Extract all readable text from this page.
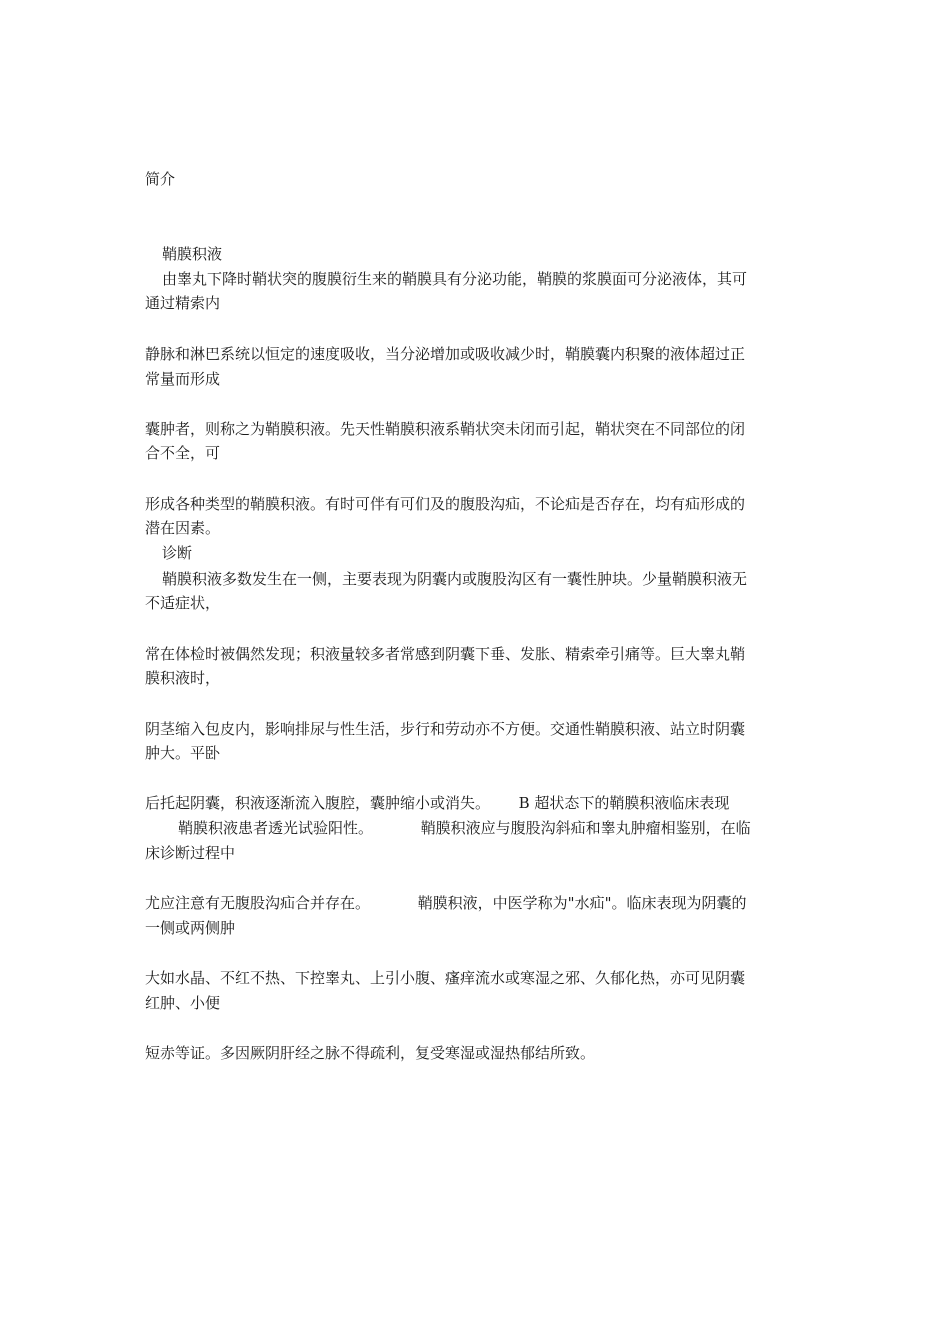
简介

鞘膜积液

由睾丸下降时鞘状突的腹膜衍生来的鞘膜具有分泌功能，鞘膜的浆膜面可分泌液体，其可

通过精索内

静脉和淋巴系统以恒定的速度吸收，当分泌增加或吸收减少时，鞘膜囊内积聚的液体超过正

常量而形成

囊肿者，则称之为鞘膜积液。先天性鞘膜积液系鞘状突未闭而引起，鞘状突在不同部位的闭

合不全，可

形成各种类型的鞘膜积液。有时可伴有可们及的腹股沟疝，不论疝是否存在，均有疝形成的

潜在因素。

诊断

鞘膜积液多数发生在一侧，主要表现为阴囊内或腹股沟区有一囊性肿块。少量鞘膜积液无

不适症状，

常在体检时被偶然发现；积液量较多者常感到阴囊下垂、发胀、精索牵引痛等。巨大睾丸鞘

膜积液时，

阴茎缩入包皮内，影响排尿与性生活，步行和劳动亦不方便。交通性鞘膜积液、站立时阴囊

肿大。平卧

后托起阴囊，积液逐渐流入腹腔，囊肿缩小或消失。      B 超状态下的鞘膜积液临床表现

鞘膜积液患者透光试验阳性。          鞘膜积液应与腹股沟斜疝和睾丸肿瘤相鉴别，在临

床诊断过程中

尤应注意有无腹股沟疝合并存在。          鞘膜积液，中医学称为"水疝"。临床表现为阴囊的

一侧或两侧肿

大如水晶、不红不热、下控睾丸、上引小腹、瘙痒流水或寒湿之邪、久郁化热，亦可见阴囊

红肿、小便

短赤等证。多因厥阴肝经之脉不得疏利，复受寒湿或湿热郁结所致。
